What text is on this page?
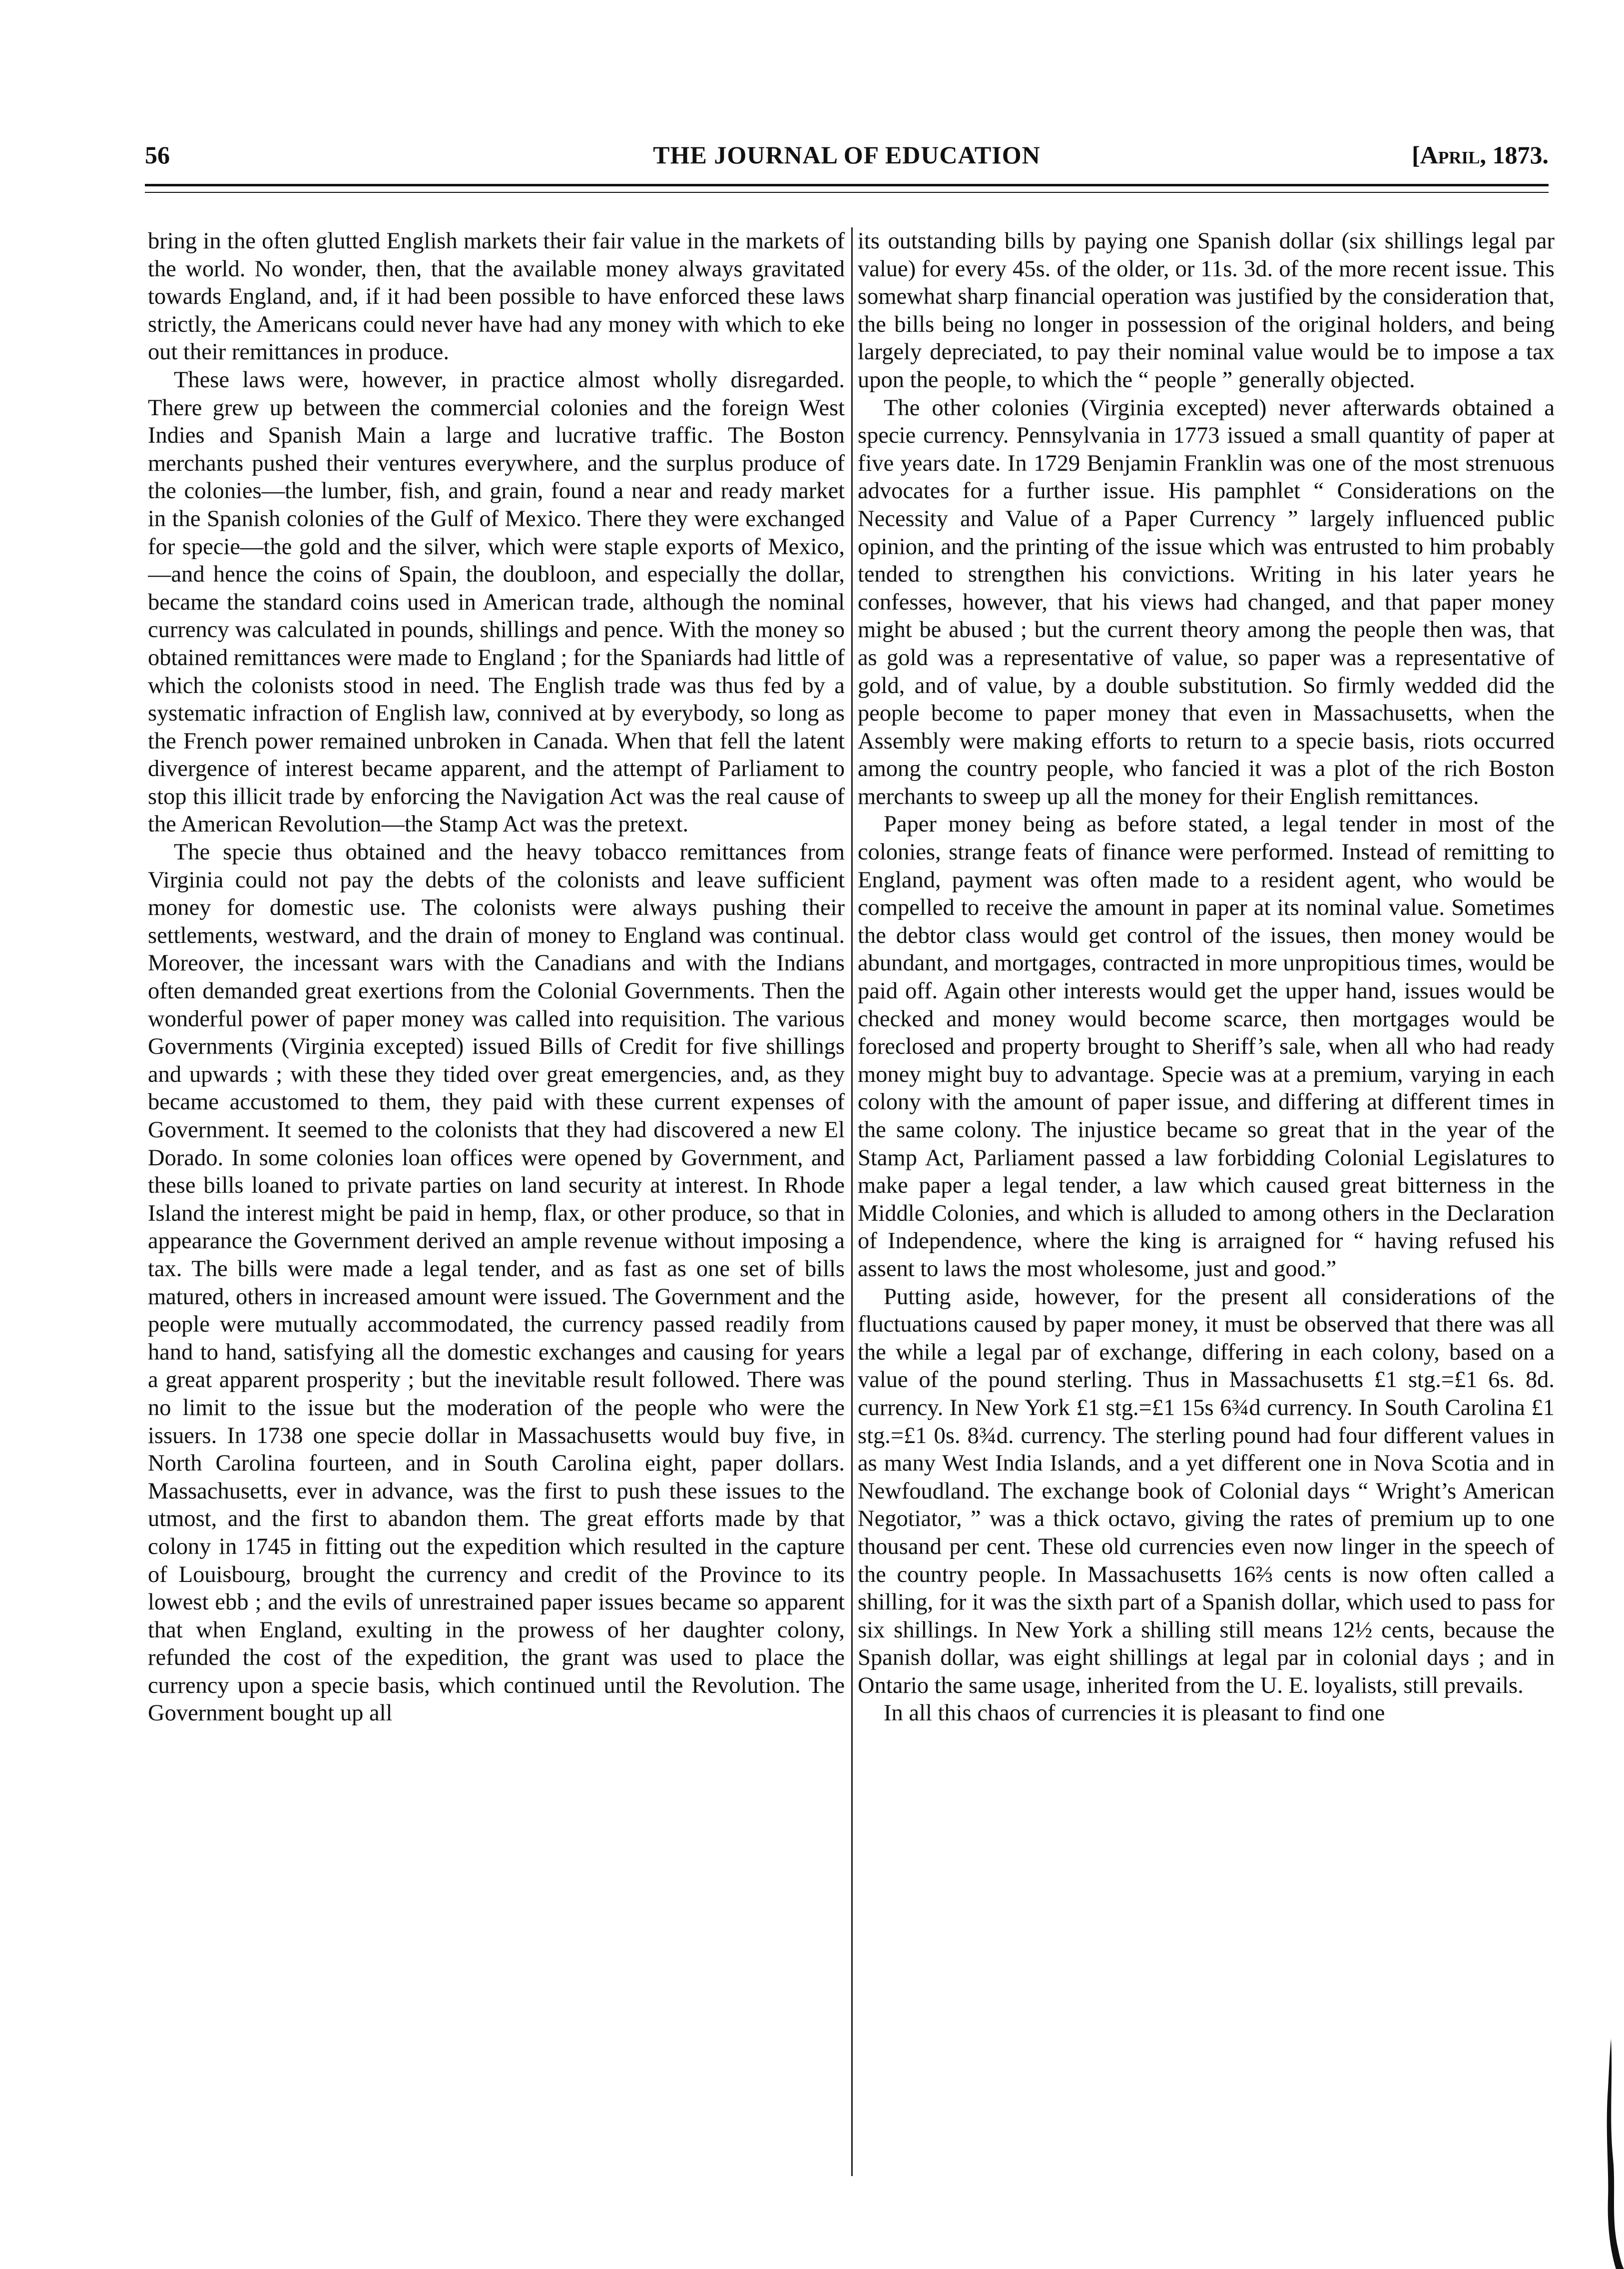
56	THE JOURNAL OF EDUCATION	[April, 1873.

bring in the often glutted English markets their fair value in the markets of the world. No wonder, then, that the available money always gravitated towards England, and, if it had been possible to have enforced these laws strictly, the Americans could never have had any money with which to eke out their remittances in produce.

These laws were, however, in practice almost wholly disregarded. There grew up between the commercial colonies and the foreign West Indies and Spanish Main a large and lucrative traffic. The Boston merchants pushed their ventures everywhere, and the surplus produce of the colonies—the lumber, fish, and grain, found a near and ready market in the Spanish colonies of the Gulf of Mexico. There they were exchanged for specie—the gold and the silver, which were staple exports of Mexico, —and hence the coins of Spain, the doubloon, and especially the dollar, became the standard coins used in American trade, although the nominal currency was calculated in pounds, shillings and pence. With the money so obtained remittances were made to England ; for the Spaniards had little of which the colonists stood in need. The English trade was thus fed by a systematic infraction of English law, connived at by everybody, so long as the French power remained unbroken in Canada. When that fell the latent divergence of interest became apparent, and the attempt of Parliament to stop this illicit trade by enforcing the Navigation Act was the real cause of the American Revolution—the Stamp Act was the pretext.

The specie thus obtained and the heavy tobacco remittances from Virginia could not pay the debts of the colonists and leave sufficient money for domestic use. The colonists were always pushing their settlements, westward, and the drain of money to England was continual. Moreover, the incessant wars with the Canadians and with the Indians often demanded great exertions from the Colonial Governments. Then the wonderful power of paper money was called into requisition. The various Governments (Virginia excepted) issued Bills of Credit for five shillings and upwards ; with these they tided over great emergencies, and, as they became accustomed to them, they paid with these current expenses of Government. It seemed to the colonists that they had discovered a new El Dorado. In some colonies loan offices were opened by Government, and these bills loaned to private parties on land security at interest. In Rhode Island the interest might be paid in hemp, flax, or other produce, so that in appearance the Government derived an ample revenue without imposing a tax. The bills were made a legal tender, and as fast as one set of bills matured, others in increased amount were issued. The Government and the people were mutually accommodated, the currency passed readily from hand to hand, satisfying all the domestic exchanges and causing for years a great apparent prosperity ; but the inevitable result followed. There was no limit to the issue but the moderation of the people who were the issuers. In 1738 one specie dollar in Massachusetts would buy five, in North Carolina fourteen, and in South Carolina eight, paper dollars. Massachusetts, ever in advance, was the first to push these issues to the utmost, and the first to abandon them. The great efforts made by that colony in 1745 in fitting out the expedition which resulted in the capture of Louisbourg, brought the currency and credit of the Province to its lowest ebb ; and the evils of unrestrained paper issues became so apparent that when England, exulting in the prowess of her daughter colony, refunded the cost of the expedition, the grant was used to place the currency upon a specie basis, which continued until the Revolution. The Government bought up all

its outstanding bills by paying one Spanish dollar (six shillings legal par value) for every 45s. of the older, or 11s. 3d. of the more recent issue. This somewhat sharp financial operation was justified by the consideration that, the bills being no longer in possession of the original holders, and being largely depreciated, to pay their nominal value would be to impose a tax upon the people, to which the “ people ” generally objected.

The other colonies (Virginia excepted) never afterwards obtained a specie currency. Pennsylvania in 1773 issued a small quantity of paper at five years date. In 1729 Benjamin Franklin was one of the most strenuous advocates for a further issue. His pamphlet “ Considerations on the Necessity and Value of a Paper Currency ” largely influenced public opinion, and the printing of the issue which was entrusted to him probably tended to strengthen his convictions. Writing in his later years he confesses, however, that his views had changed, and that paper money might be abused ; but the current theory among the people then was, that as gold was a representative of value, so paper was a representative of gold, and of value, by a double substitution. So firmly wedded did the people become to paper money that even in Massachusetts, when the Assembly were making efforts to return to a specie basis, riots occurred among the country people, who fancied it was a plot of the rich Boston merchants to sweep up all the money for their English remittances.

Paper money being as before stated, a legal tender in most of the colonies, strange feats of finance were performed. Instead of remitting to England, payment was often made to a resident agent, who would be compelled to receive the amount in paper at its nominal value. Sometimes the debtor class would get control of the issues, then money would be abundant, and mortgages, contracted in more unpropitious times, would be paid off. Again other interests would get the upper hand, issues would be checked and money would become scarce, then mortgages would be foreclosed and property brought to Sheriff’s sale, when all who had ready money might buy to advantage. Specie was at a premium, varying in each colony with the amount of paper issue, and differing at different times in the same colony. The injustice became so great that in the year of the Stamp Act, Parliament passed a law forbidding Colonial Legislatures to make paper a legal tender, a law which caused great bitterness in the Middle Colonies, and which is alluded to among others in the Declaration of Independence, where the king is arraigned for “ having refused his assent to laws the most wholesome, just and good.”

Putting aside, however, for the present all considerations of the fluctuations caused by paper money, it must be observed that there was all the while a legal par of exchange, differing in each colony, based on a value of the pound sterling. Thus in Massachusetts £1 stg.=£1 6s. 8d. currency. In New York £1 stg.=£1 15s 6¾d currency. In South Carolina £1 stg.=£1 0s. 8¾d. currency. The sterling pound had four different values in as many West India Islands, and a yet different one in Nova Scotia and in Newfoudland. The exchange book of Colonial days “ Wright’s American Negotiator, ” was a thick octavo, giving the rates of premium up to one thousand per cent. These old currencies even now linger in the speech of the country people. In Massachusetts 16⅔ cents is now often called a shilling, for it was the sixth part of a Spanish dollar, which used to pass for six shillings. In New York a shilling still means 12½ cents, because the Spanish dollar, was eight shillings at legal par in colonial days ; and in Ontario the same usage, inherited from the U. E. loyalists, still prevails.

In all this chaos of currencies it is pleasant to find one
